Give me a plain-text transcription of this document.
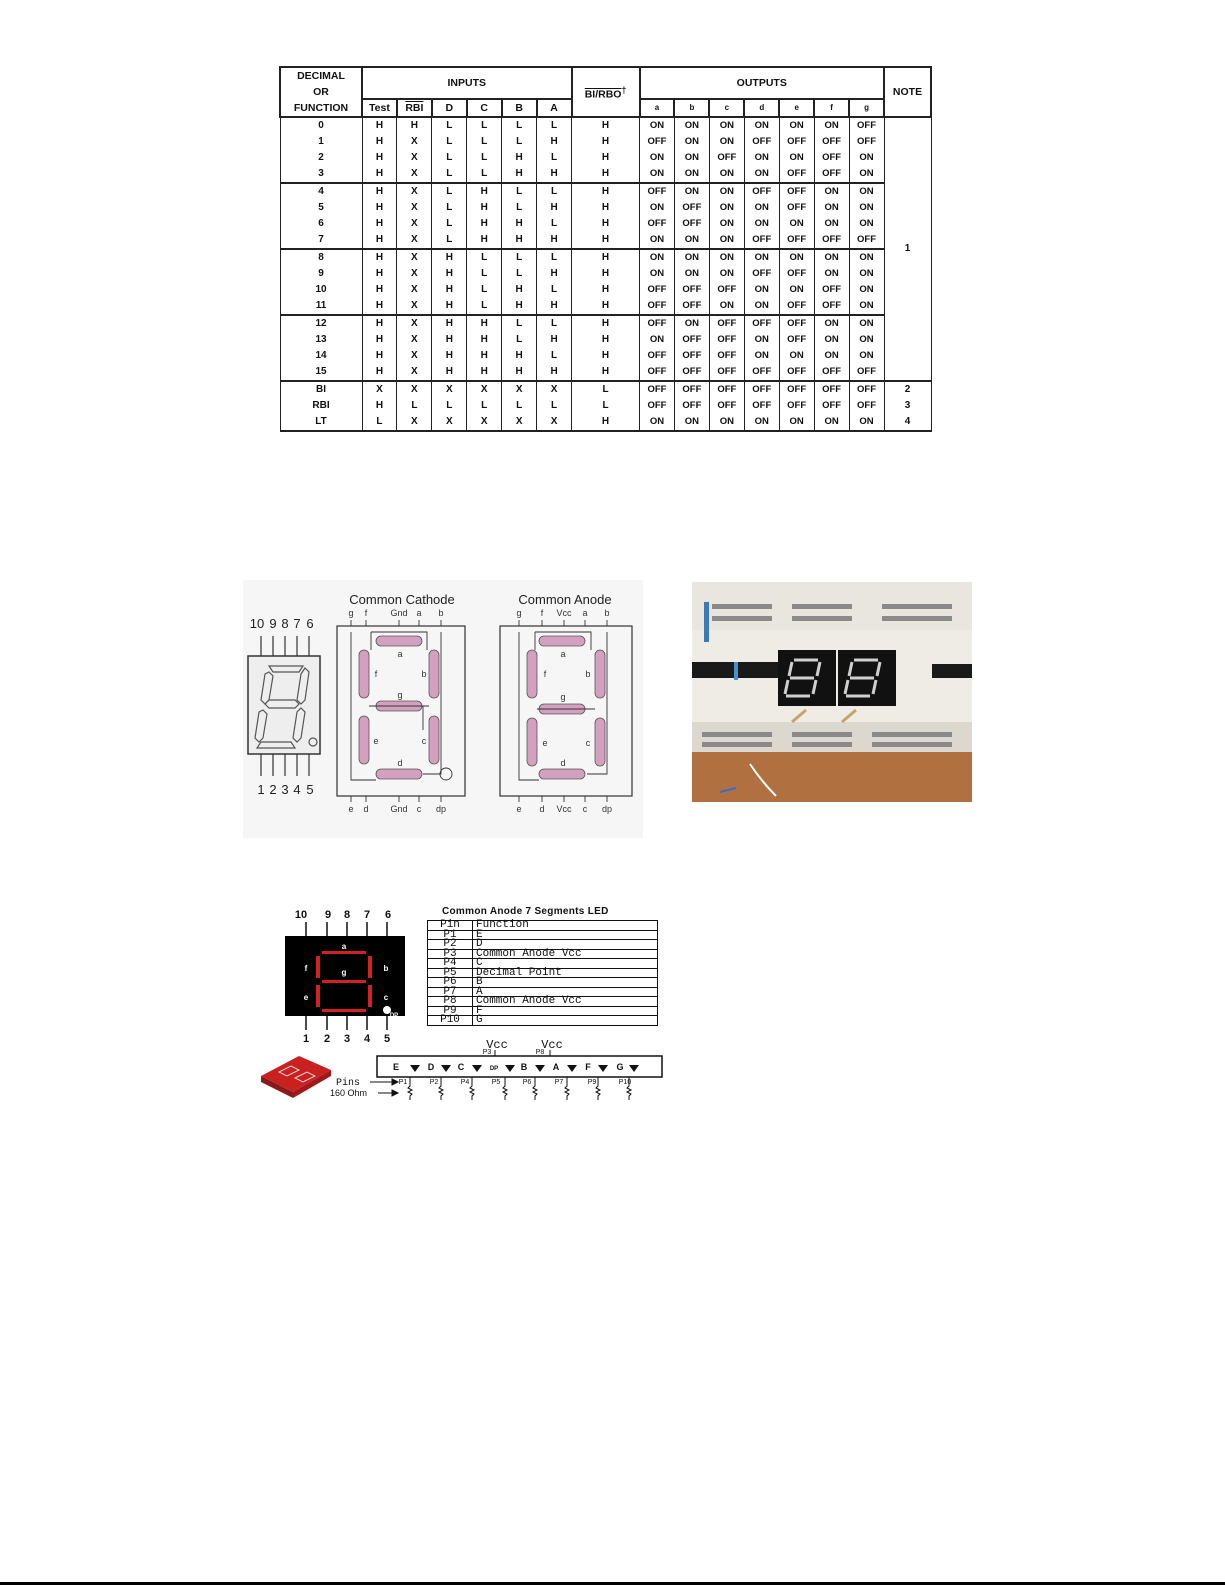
DECIMAL
OR
FUNCTION	INPUTS						BI/RBO†	OUTPUTS							NOTE
	Test	$\overline{RBI}$	D	C	B	A		a	b	c	d	e	f	g	
0	H	H	L	L	L	L	H	ON	ON	ON	ON	ON	ON	OFF	1
1	H	X	L	L	L	H	H	OFF	ON	ON	OFF	OFF	OFF	OFF	
2	H	X	L	L	H	L	H	ON	ON	OFF	ON	ON	OFF	ON	
3	H	X	L	L	H	H	H	ON	ON	ON	ON	OFF	OFF	ON	
4	H	X	L	H	L	L	H	OFF	ON	ON	OFF	OFF	ON	ON	
5	H	X	L	H	L	H	H	ON	OFF	ON	ON	OFF	ON	ON	
6	H	X	L	H	H	L	H	OFF	OFF	ON	ON	ON	ON	ON	
7	H	X	L	H	H	H	H	ON	ON	ON	OFF	OFF	OFF	OFF	
8	H	X	H	L	L	L	H	ON	ON	ON	ON	ON	ON	ON	
9	H	X	H	L	L	H	H	ON	ON	ON	OFF	OFF	ON	ON	
10	H	X	H	L	H	L	H	OFF	OFF	OFF	ON	ON	OFF	ON	
11	H	X	H	L	H	H	H	OFF	OFF	ON	ON	OFF	OFF	ON	
12	H	X	H	H	L	L	H	OFF	ON	OFF	OFF	OFF	ON	ON	
13	H	X	H	H	L	H	H	ON	OFF	OFF	ON	OFF	ON	ON	
14	H	X	H	H	H	L	H	OFF	OFF	OFF	ON	ON	ON	ON	
15	H	X	H	H	H	H	H	OFF	OFF	OFF	OFF	OFF	OFF	OFF	
BI	X	X	X	X	X	X	L	OFF	OFF	OFF	OFF	OFF	OFF	OFF	2
RBI	H	L	L	L	L	L	L	OFF	OFF	OFF	OFF	OFF	OFF	OFF	3
LT	L	X	X	X	X	X	H	ON	ON	ON	ON	ON	ON	ON	4
10 9 8 7 6
1 2 3 4 5
Common Cathode
g f	Gnd a b
e d Gnd c dp
a
b
c
d
e
f
g
Common Anode
g f Vcc a b
e d Vcc c dp
a
b
c
d
e
f
g
10 9 8 7 6
1 2 3 4 5
a
b
c
d
e
f	g
DP
Common Anode 7 Segments LED
Pin	Function
P1	E
P2	D
P3	Common Anode Vcc
P4	C
P5	Decimal Point
P6	B
P7	A
P8	Common Anode Vcc
P9	F
P10	G
Vcc	Vcc
P3	P8
E	D	C	DP	B	A	F	G
P1	P2	P4	P5	P6	P7	P9	P10
Pins
160 Ohm
